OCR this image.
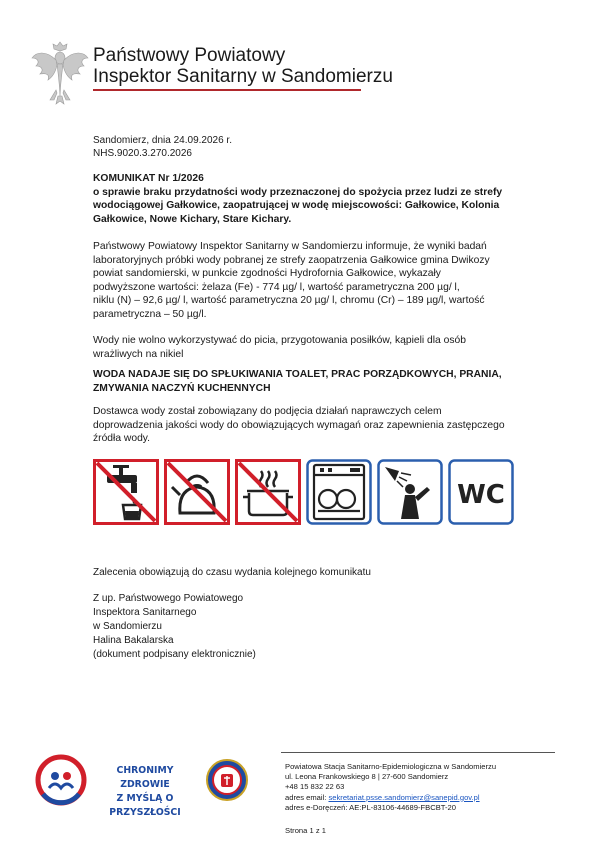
Państwowy Powiatowy
Inspektor Sanitarny w Sandomierzu
Sandomierz, dnia 24.09.2026 r.
NHS.9020.3.270.2026
KOMUNIKAT Nr 1/2026
o sprawie braku przydatności wody przeznaczonej do spożycia przez ludzi ze strefy
wodociągowej Gałkowice, zaopatrującej w wodę miejscowości: Gałkowice, Kolonia
Gałkowice, Nowe Kichary, Stare Kichary.
Państwowy Powiatowy Inspektor Sanitarny w Sandomierzu informuje, że wyniki badań
laboratoryjnych próbki wody pobranej ze strefy zaopatrzenia Gałkowice gmina Dwikozy
powiat sandomierski, w punkcie zgodności Hydrofornia Gałkowice, wykazały
podwyższone wartości: żelaza (Fe) - 774 µg/ l, wartość parametryczna 200 µg/ l,
niklu (N) – 92,6 µg/ l, wartość parametryczna 20 µg/ l, chromu (Cr) – 189 µg/l, wartość
parametryczna – 50 µg/l.
Wody nie wolno wykorzystywać do picia, przygotowania posiłków, kąpieli dla osób
wrażliwych na nikiel
WODA NADAJE SIĘ DO SPŁUKIWANIA TOALET, PRAC PORZĄDKOWYCH, PRANIA,
ZMYWANIA NACZYŃ KUCHENNYCH
Dostawca wody został zobowiązany do podjęcia działań naprawczych celem
doprowadzenia jakości wody do obowiązujących wymagań oraz zapewnienia zastępczego
źródła wody.
WC
Zalecenia obowiązują do czasu wydania kolejnego komunikatu
Z up. Państwowego Powiatowego
Inspektora Sanitarnego
w Sandomierzu
Halina Bakalarska
(dokument podpisany elektronicznie)
CHRONIMY ZDROWIE
Z MYŚLĄ O PRZYSZŁOŚCI
Powiatowa Stacja Sanitarno-Epidemiologiczna w Sandomierzu
ul. Leona Frankowskiego 8 | 27-600 Sandomierz
+48 15 832 22 63
adres email: sekretariat.psse.sandomierz@sanepid.gov.pl
adres e-Doręczeń: AE:PL-83106-44689-FBCBT-20
Strona 1 z 1
